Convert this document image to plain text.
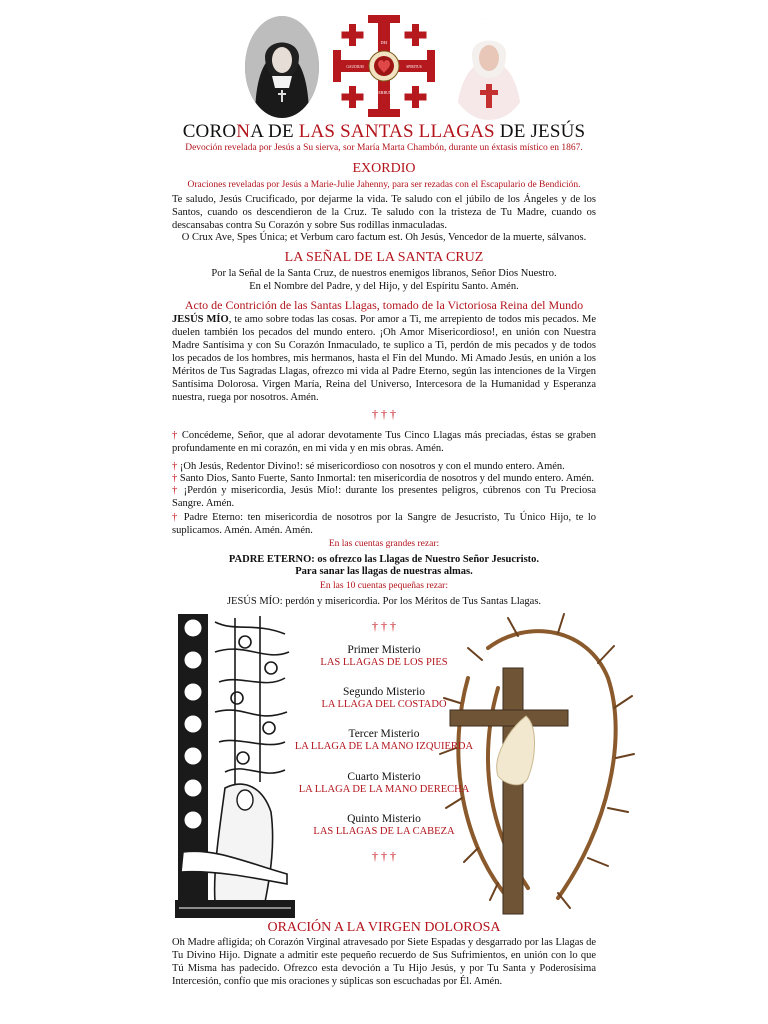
DEI
GAUDIUM	SPIRITUS
VERBUM
CORONA DE LAS SANTAS LLAGAS DE JESÚS
Devoción revelada por Jesús a Su sierva, sor María Marta Chambón, durante un éxtasis místico en 1867.
EXORDIO
Oraciones reveladas por Jesús a Marie-Julie Jahenny, para ser rezadas con el Escapulario de Bendición.
Te saludo, Jesús Crucificado, por dejarme la vida. Te saludo con el júbilo de los Ángeles y de los Santos, cuando os descendieron de la Cruz. Te saludo con la tristeza de Tu Madre, cuando os descansabas contra Su Corazón y sobre Sus rodillas inmaculadas.
O Crux Ave, Spes Única; et Verbum caro factum est. Oh Jesús, Vencedor de la muerte, sálvanos.
LA SEÑAL DE LA SANTA CRUZ
Por la Señal de la Santa Cruz, de nuestros enemigos líbranos, Señor Dios Nuestro.
En el Nombre del Padre, y del Hijo, y del Espíritu Santo. Amén.
Acto de Contrición de las Santas Llagas, tomado de la Victoriosa Reina del Mundo
JESÚS MÍO, te amo sobre todas las cosas. Por amor a Ti, me arrepiento de todos mis pecados. Me duelen también los pecados del mundo entero. ¡Oh Amor Misericordioso!, en unión con Nuestra Madre Santísima y con Su Corazón Inmaculado, te suplico a Ti, perdón de mis pecados y de todos los pecados de los hombres, mis hermanos, hasta el Fin del Mundo. Mi Amado Jesús, en unión a los Méritos de Tus Sagradas Llagas, ofrezco mi vida al Padre Eterno, según las intenciones de la Virgen Santísima Dolorosa. Virgen María, Reina del Universo, Intercesora de la Humanidad y Esperanza nuestra, ruega por nosotros. Amén.
† † †
† Concédeme, Señor, que al adorar devotamente Tus Cinco Llagas más preciadas, éstas se graben profundamente en mi corazón, en mi vida y en mis obras. Amén.
† ¡Oh Jesús, Redentor Divino!: sé misericordioso con nosotros y con el mundo entero. Amén.
† Santo Dios, Santo Fuerte, Santo Inmortal: ten misericordia de nosotros y del mundo entero. Amén.
† ¡Perdón y misericordia, Jesús Mío!: durante los presentes peligros, cúbrenos con Tu Preciosa Sangre. Amén.
† Padre Eterno: ten misericordia de nosotros por la Sangre de Jesucristo, Tu Único Hijo, te lo suplicamos. Amén. Amén. Amén.
En las cuentas grandes rezar:
PADRE ETERNO: os ofrezco las Llagas de Nuestro Señor Jesucristo.
Para sanar las llagas de nuestras almas.
En las 10 cuentas pequeñas rezar:
JESÚS MÍO: perdón y misericordia. Por los Méritos de Tus Santas Llagas.
† † †
Primer Misterio
LAS LLAGAS DE LOS PIES
Segundo Misterio
LA LLAGA DEL COSTADO
Tercer Misterio
LA LLAGA DE LA MANO IZQUIERDA
Cuarto Misterio
LA LLAGA DE LA MANO DERECHA
Quinto Misterio
LAS LLAGAS DE LA CABEZA
† † †
ORACIÓN A LA VIRGEN DOLOROSA
Oh Madre afligida; oh Corazón Virginal atravesado por Siete Espadas y desgarrado por las Llagas de Tu Divino Hijo. Dignate a admitir este pequeño recuerdo de Sus Sufrimientos, en unión con lo que Tú Misma has padecido. Ofrezco esta devoción a Tu Hijo Jesús, y por Tu Santa y Poderosísima Intercesión, confío que mis oraciones y súplicas son escuchadas por Él. Amén.
